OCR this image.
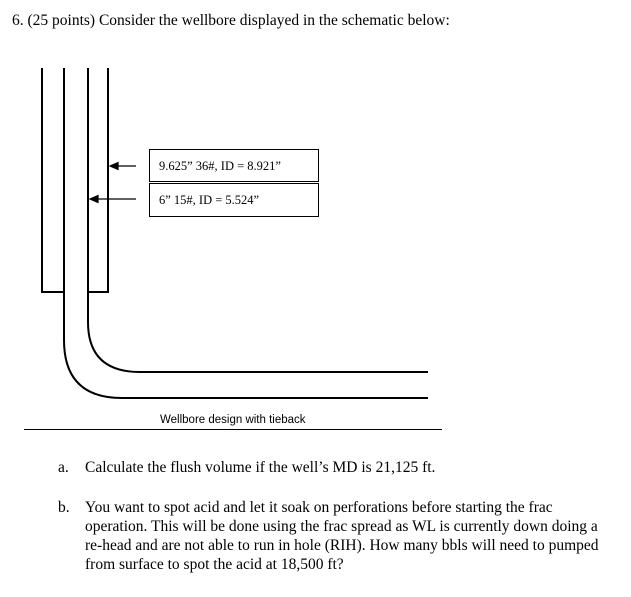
6. (25 points) Consider the wellbore displayed in the schematic below:
9.625” 36#, ID = 8.921”
6” 15#, ID = 5.524”
Wellbore design with tieback
a. Calculate the flush volume if the well’s MD is 21,125 ft.
b. You want to spot acid and let it soak on perforations before starting the frac operation. This will be done using the frac spread as WL is currently down doing a re-head and are not able to run in hole (RIH). How many bbls will need to pumped from surface to spot the acid at 18,500 ft?
